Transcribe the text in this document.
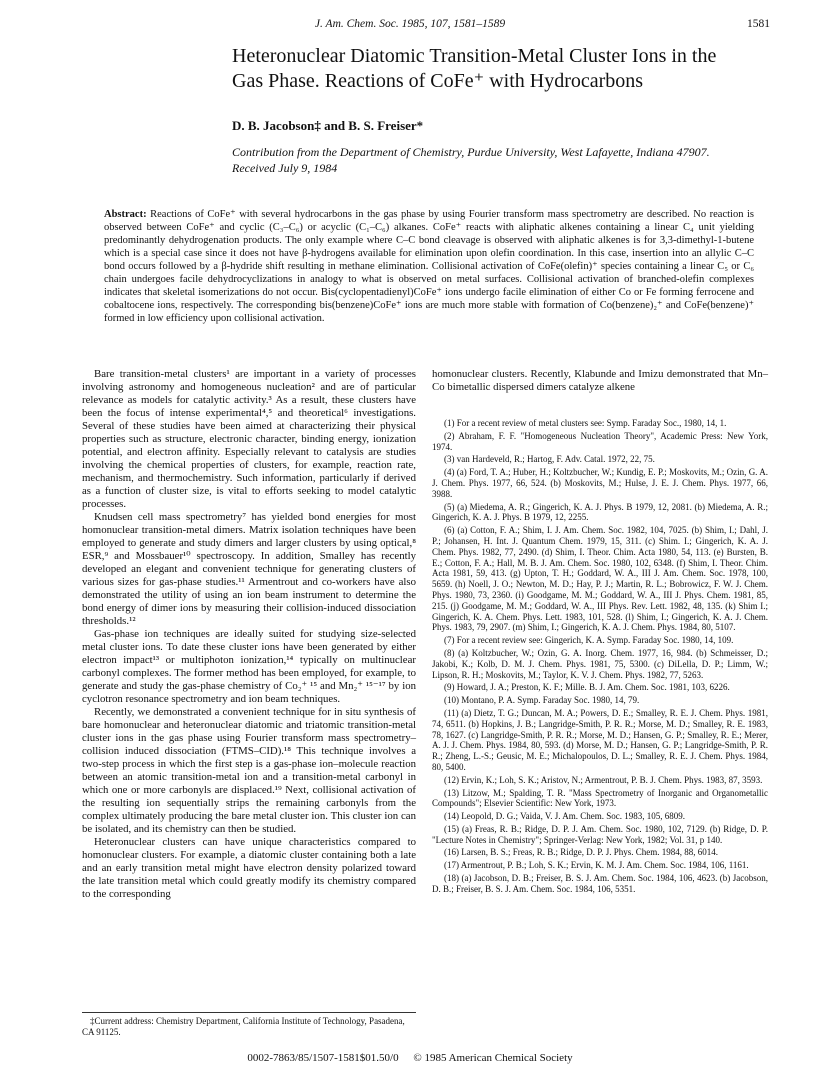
J. Am. Chem. Soc. 1985, 107, 1581–1589	1581
Heteronuclear Diatomic Transition-Metal Cluster Ions in the Gas Phase. Reactions of CoFe⁺ with Hydrocarbons
D. B. Jacobson‡ and B. S. Freiser*
Contribution from the Department of Chemistry, Purdue University, West Lafayette, Indiana 47907. Received July 9, 1984
Abstract: Reactions of CoFe⁺ with several hydrocarbons in the gas phase by using Fourier transform mass spectrometry are described. No reaction is observed between CoFe⁺ and cyclic (C₃–C₆) or acyclic (C₁–C₆) alkanes. CoFe⁺ reacts with aliphatic alkenes containing a linear C₄ unit yielding predominantly dehydrogenation products. The only example where C–C bond cleavage is observed with aliphatic alkenes is for 3,3-dimethyl-1-butene which is a special case since it does not have β-hydrogens available for elimination upon olefin coordination. In this case, insertion into an allylic C–C bond occurs followed by a β-hydride shift resulting in methane elimination. Collisional activation of CoFe(olefin)⁺ species containing a linear C₅ or C₆ chain undergoes facile dehydrocyclizations in analogy to what is observed on metal surfaces. Collisional activation of branched-olefin complexes indicates that skeletal isomerizations do not occur. Bis(cyclopentadienyl)CoFe⁺ ions undergo facile elimination of either Co or Fe forming ferrocene and cobaltocene ions, respectively. The corresponding bis(benzene)CoFe⁺ ions are much more stable with formation of Co(benzene)₂⁺ and CoFe(benzene)⁺ formed in low efficiency upon collisional activation.

Bare transition-metal clusters¹ are important in a variety of processes involving astronomy and homogeneous nucleation² and are of particular relevance as models for catalytic activity.³ As a result, these clusters have been the focus of intense experimental⁴,⁵ and theoretical⁶ investigations. Several of these studies have been aimed at characterizing their physical properties such as structure, electronic character, binding energy, ionization potential, and electron affinity. Especially relevant to catalysis are studies involving the chemical properties of clusters, for example, reaction rate, mechanism, and thermochemistry. Such information, particularly if derived as a function of cluster size, is vital to efforts seeking to model catalytic processes.

Knudsen cell mass spectrometry⁷ has yielded bond energies for most homonuclear transition-metal dimers. Matrix isolation techniques have been employed to generate and study dimers and larger clusters by using optical,⁸ ESR,⁹ and Mossbauer¹⁰ spectroscopy. In addition, Smalley has recently developed an elegant and convenient technique for generating clusters of various sizes for gas-phase studies.¹¹ Armentrout and co-workers have also demonstrated the utility of using an ion beam instrument to determine the bond energy of dimer ions by measuring their collision-induced dissociation thresholds.¹²

Gas-phase ion techniques are ideally suited for studying size-selected metal cluster ions. To date these cluster ions have been generated by either electron impact¹³ or multiphoton ionization,¹⁴ typically on multinuclear carbonyl complexes. The former method has been employed, for example, to generate and study the gas-phase chemistry of Co₂⁺ ¹⁵ and Mn₂⁺ ¹⁵⁻¹⁷ by ion cyclotron resonance spectrometry and ion beam techniques.

Recently, we demonstrated a convenient technique for in situ synthesis of bare homonuclear and heteronuclear diatomic and triatomic transition-metal cluster ions in the gas phase using Fourier transform mass spectrometry–collision induced dissociation (FTMS–CID).¹⁸ This technique involves a two-step process in which the first step is a gas-phase ion–molecule reaction between an atomic transition-metal ion and a transition-metal carbonyl in which one or more carbonyls are displaced.¹⁹ Next, collisional activation of the resulting ion sequentially strips the remaining carbonyls from the complex ultimately producing the bare metal cluster ion. This cluster ion can be isolated, and its chemistry can then be studied.

Heteronuclear clusters can have unique characteristics compared to homonuclear clusters. For example, a diatomic cluster containing both a late and an early transition metal might have electron density polarized toward the late transition metal which could greatly modify its chemistry compared to the corresponding

homonuclear clusters. Recently, Klabunde and Imizu demonstrated that Mn–Co bimetallic dispersed dimers catalyze alkene

(1) For a recent review of metal clusters see: Symp. Faraday Soc., 1980, 14, 1.
(2) Abraham, F. F. "Homogeneous Nucleation Theory", Academic Press: New York, 1974.
(3) van Hardeveld, R.; Hartog, F. Adv. Catal. 1972, 22, 75.
(4) (a) Ford, T. A.; Huber, H.; Koltzbucher, W.; Kundig, E. P.; Moskovits, M.; Ozin, G. A. J. Chem. Phys. 1977, 66, 524. (b) Moskovits, M.; Hulse, J. E. J. Chem. Phys. 1977, 66, 3988.
(5) (a) Miedema, A. R.; Gingerich, K. A. J. Phys. B 1979, 12, 2081. (b) Miedema, A. R.; Gingerich, K. A. J. Phys. B 1979, 12, 2255.
(6) (a) Cotton, F. A.; Shim, I. J. Am. Chem. Soc. 1982, 104, 7025. (b) Shim, I.; Dahl, J. P.; Johansen, H. Int. J. Quantum Chem. 1979, 15, 311. (c) Shim. I.; Gingerich, K. A. J. Chem. Phys. 1982, 77, 2490. (d) Shim, I. Theor. Chim. Acta 1980, 54, 113. (e) Bursten, B. E.; Cotton, F. A.; Hall, M. B. J. Am. Chem. Soc. 1980, 102, 6348. (f) Shim, I. Theor. Chim. Acta 1981, 59, 413. (g) Upton, T. H.; Goddard, W. A., III J. Am. Chem. Soc. 1978, 100, 5659. (h) Noell, J. O.; Newton, M. D.; Hay, P. J.; Martin, R. L.; Bobrowicz, F. W. J. Chem. Phys. 1980, 73, 2360. (i) Goodgame, M. M.; Goddard, W. A., III J. Phys. Chem. 1981, 85, 215. (j) Goodgame, M. M.; Goddard, W. A., III Phys. Rev. Lett. 1982, 48, 135. (k) Shim I.; Gingerich, K. A. Chem. Phys. Lett. 1983, 101, 528. (l) Shim, I.; Gingerich, K. A. J. Chem. Phys. 1983, 79, 2907. (m) Shim, I.; Gingerich, K. A. J. Chem. Phys. 1984, 80, 5107.
(7) For a recent review see: Gingerich, K. A. Symp. Faraday Soc. 1980, 14, 109.
(8) (a) Koltzbucher, W.; Ozin, G. A. Inorg. Chem. 1977, 16, 984. (b) Schmeisser, D.; Jakobi, K.; Kolb, D. M. J. Chem. Phys. 1981, 75, 5300. (c) DiLella, D. P.; Limm, W.; Lipson, R. H.; Moskovits, M.; Taylor, K. V. J. Chem. Phys. 1982, 77, 5263.
(9) Howard, J. A.; Preston, K. F.; Mille. B. J. Am. Chem. Soc. 1981, 103, 6226.
(10) Montano, P. A. Symp. Faraday Soc. 1980, 14, 79.
(11) (a) Dietz, T. G.; Duncan, M. A.; Powers, D. E.; Smalley, R. E. J. Chem. Phys. 1981, 74, 6511. (b) Hopkins, J. B.; Langridge-Smith, P. R. R.; Morse, M. D.; Smalley, R. E. 1983, 78, 1627. (c) Langridge-Smith, P. R. R.; Morse, M. D.; Hansen, G. P.; Smalley, R. E.; Merer, A. J. J. Chem. Phys. 1984, 80, 593. (d) Morse, M. D.; Hansen, G. P.; Langridge-Smith, P. R. R.; Zheng, L.-S.; Geusic, M. E.; Michalopoulos, D. L.; Smalley, R. E. J. Chem. Phys. 1984, 80, 5400.
(12) Ervin, K.; Loh, S. K.; Aristov, N.; Armentrout, P. B. J. Chem. Phys. 1983, 87, 3593.
(13) Litzow, M.; Spalding, T. R. "Mass Spectrometry of Inorganic and Organometallic Compounds"; Elsevier Scientific: New York, 1973.
(14) Leopold, D. G.; Vaida, V. J. Am. Chem. Soc. 1983, 105, 6809.
(15) (a) Freas, R. B.; Ridge, D. P. J. Am. Chem. Soc. 1980, 102, 7129. (b) Ridge, D. P. "Lecture Notes in Chemistry"; Springer-Verlag: New York, 1982; Vol. 31, p 140.
(16) Larsen, B. S.; Freas, R. B.; Ridge, D. P. J. Phys. Chem. 1984, 88, 6014.
(17) Armentrout, P. B.; Loh, S. K.; Ervin, K. M. J. Am. Chem. Soc. 1984, 106, 1161.
(18) (a) Jacobson, D. B.; Freiser, B. S. J. Am. Chem. Soc. 1984, 106, 4623. (b) Jacobson, D. B.; Freiser, B. S. J. Am. Chem. Soc. 1984, 106, 5351.
‡Current address: Chemistry Department, California Institute of Technology, Pasadena, CA 91125.
0002-7863/85/1507-1581$01.50/0 © 1985 American Chemical Society
